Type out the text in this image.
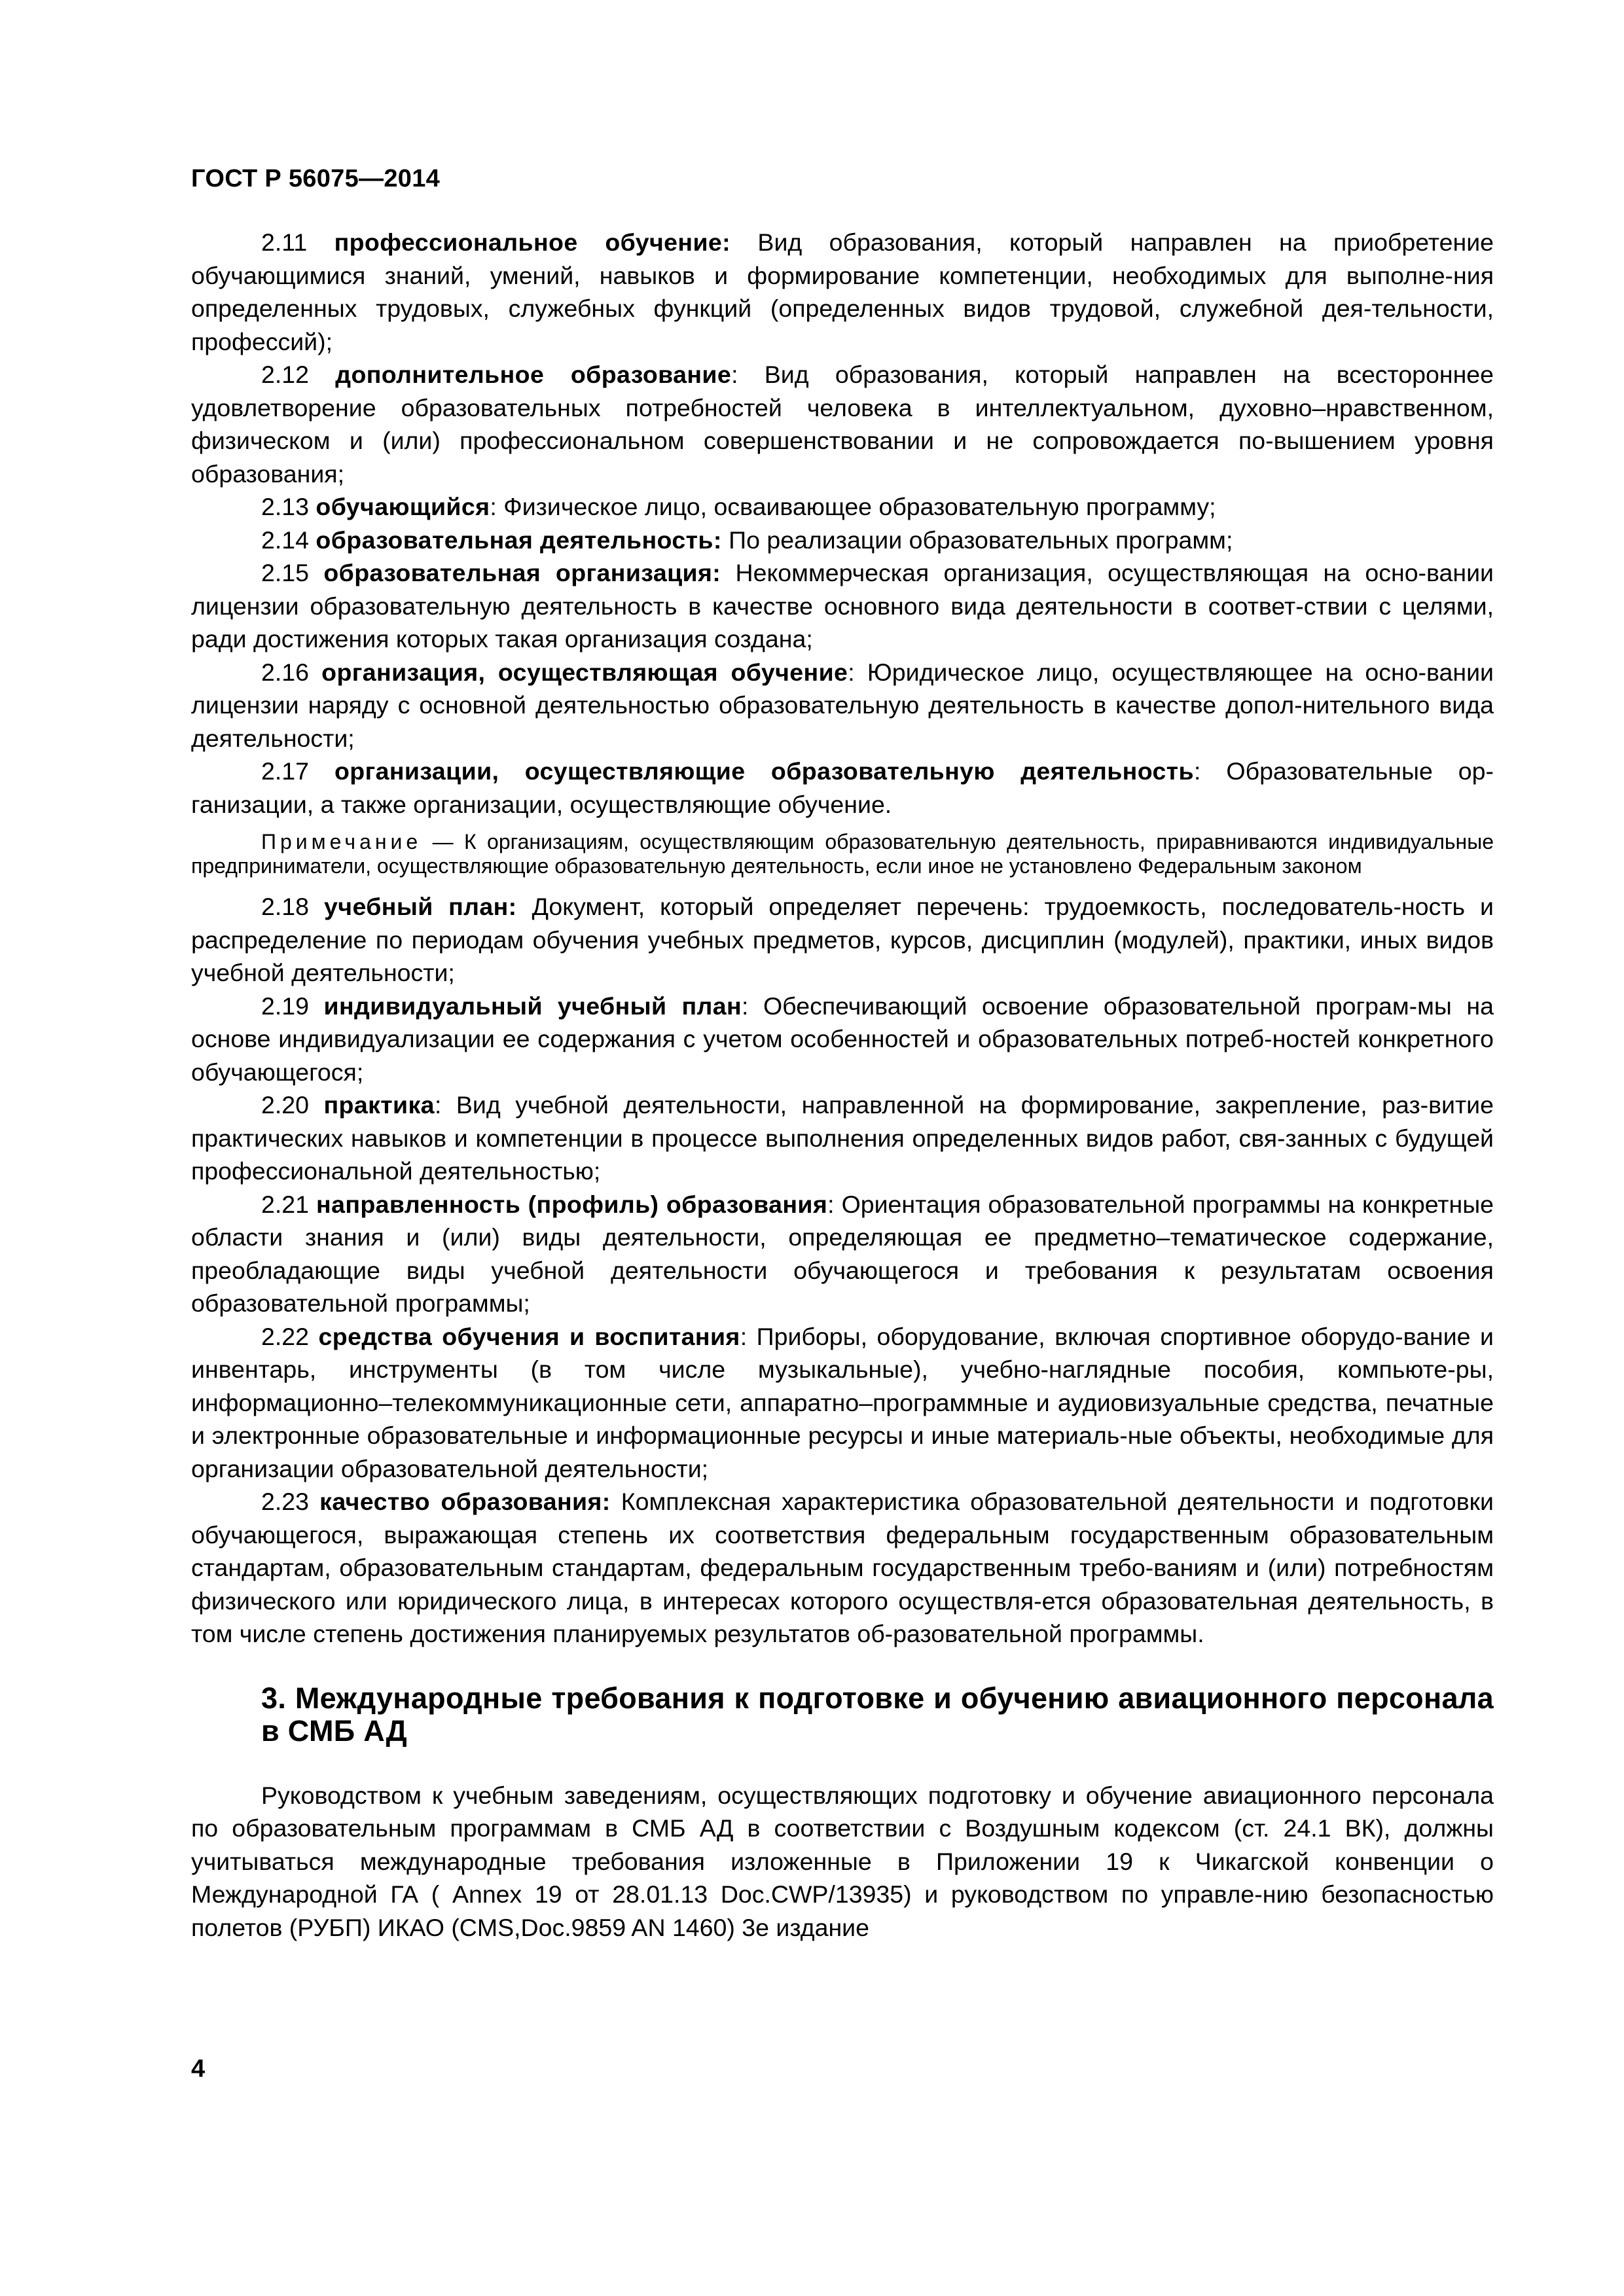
ГОСТ Р 56075—2014

2.11 профессиональное обучение: Вид образования, который направлен на приобретение обучающимися знаний, умений, навыков и формирование компетенции, необходимых для выполне-ния определенных трудовых, служебных функций (определенных видов трудовой, служебной дея-тельности, профессий);

2.12 дополнительное образование: Вид образования, который направлен на всестороннее удовлетворение образовательных потребностей человека в интеллектуальном, духовно–нравственном, физическом и (или) профессиональном совершенствовании и не сопровождается по-вышением уровня образования;

2.13 обучающийся: Физическое лицо, осваивающее образовательную программу;

2.14 образовательная деятельность: По реализации образовательных программ;

2.15 образовательная организация: Некоммерческая организация, осуществляющая на осно-вании лицензии образовательную деятельность в качестве основного вида деятельности в соответ-ствии с целями, ради достижения которых такая организация создана;

2.16 организация, осуществляющая обучение: Юридическое лицо, осуществляющее на осно-вании лицензии наряду с основной деятельностью образовательную деятельность в качестве допол-нительного вида деятельности;

2.17 организации, осуществляющие образовательную деятельность: Образовательные ор-ганизации, а также организации, осуществляющие обучение.

Примечание — К организациям, осуществляющим образовательную деятельность, приравниваются индивидуальные предприниматели, осуществляющие образовательную деятельность, если иное не установлено Федеральным законом

2.18 учебный план: Документ, который определяет перечень: трудоемкость, последователь-ность и распределение по периодам обучения учебных предметов, курсов, дисциплин (модулей), практики, иных видов учебной деятельности;

2.19 индивидуальный учебный план: Обеспечивающий освоение образовательной програм-мы на основе индивидуализации ее содержания с учетом особенностей и образовательных потреб-ностей конкретного обучающегося;

2.20 практика: Вид учебной деятельности, направленной на формирование, закрепление, раз-витие практических навыков и компетенции в процессе выполнения определенных видов работ, свя-занных с будущей профессиональной деятельностью;

2.21 направленность (профиль) образования: Ориентация образовательной программы на конкретные области знания и (или) виды деятельности, определяющая ее предметно–тематическое содержание, преобладающие виды учебной деятельности обучающегося и требования к результатам освоения образовательной программы;

2.22 средства обучения и воспитания: Приборы, оборудование, включая спортивное оборудо-вание и инвентарь, инструменты (в том числе музыкальные), учебно-наглядные пособия, компьюте-ры, информационно–телекоммуникационные сети, аппаратно–программные и аудиовизуальные средства, печатные и электронные образовательные и информационные ресурсы и иные материаль-ные объекты, необходимые для организации образовательной деятельности;

2.23 качество образования: Комплексная характеристика образовательной деятельности и подготовки обучающегося, выражающая степень их соответствия федеральным государственным образовательным стандартам, образовательным стандартам, федеральным государственным требо-ваниям и (или) потребностям физического или юридического лица, в интересах которого осуществля-ется образовательная деятельность, в том числе степень достижения планируемых результатов об-разовательной программы.

3. Международные требования к подготовке и обучению авиационного персонала в СМБ АД

Руководством к учебным заведениям, осуществляющих подготовку и обучение авиационного персонала по образовательным программам в СМБ АД в соответствии с Воздушным кодексом (ст. 24.1 ВК), должны учитываться международные требования изложенные в Приложении 19 к Чикагской конвенции о Международной ГА ( Annex 19 от 28.01.13 Doc.CWP/13935) и руководством по управле-нию безопасностью полетов (РУБП) ИКАО (CMS,Doc.9859 AN 1460) 3е издание

4
